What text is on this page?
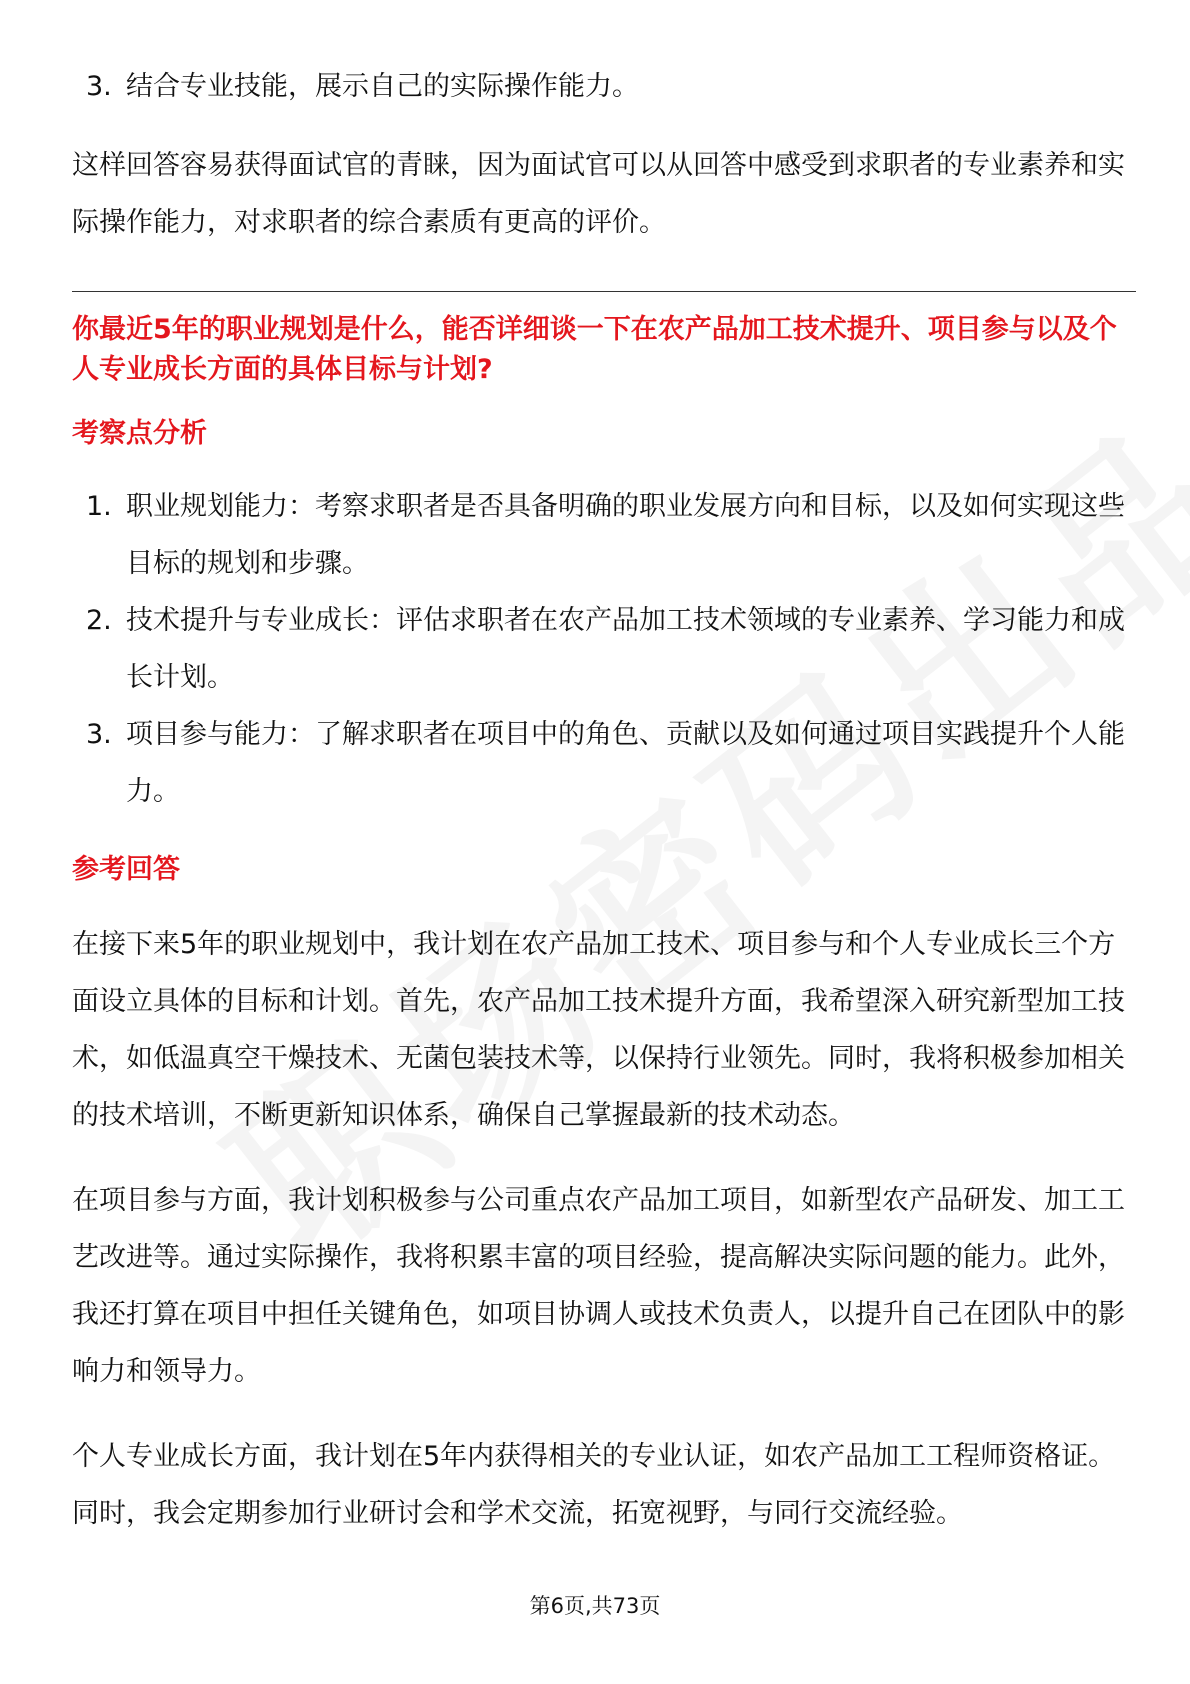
3. 结合专业技能，展示自己的实际操作能力。

这样回答容易获得面试官的青睐，因为面试官可以从回答中感受到求职者的专业素养和实际操作能力，对求职者的综合素质有更高的评价。

你最近5年的职业规划是什么，能否详细谈一下在农产品加工技术提升、项目参与以及个人专业成长方面的具体目标与计划?

考察点分析

1. 职业规划能力：考察求职者是否具备明确的职业发展方向和目标，以及如何实现这些目标的规划和步骤。
2. 技术提升与专业成长：评估求职者在农产品加工技术领域的专业素养、学习能力和成长计划。
3. 项目参与能力：了解求职者在项目中的角色、贡献以及如何通过项目实践提升个人能力。

参考回答

在接下来5年的职业规划中，我计划在农产品加工技术、项目参与和个人专业成长三个方面设立具体的目标和计划。首先，农产品加工技术提升方面，我希望深入研究新型加工技术，如低温真空干燥技术、无菌包装技术等，以保持行业领先。同时，我将积极参加相关的技术培训，不断更新知识体系，确保自己掌握最新的技术动态。

在项目参与方面，我计划积极参与公司重点农产品加工项目，如新型农产品研发、加工工艺改进等。通过实际操作，我将积累丰富的项目经验，提高解决实际问题的能力。此外，我还打算在项目中担任关键角色，如项目协调人或技术负责人，以提升自己在团队中的影响力和领导力。

个人专业成长方面，我计划在5年内获得相关的专业认证，如农产品加工工程师资格证。同时，我会定期参加行业研讨会和学术交流，拓宽视野，与同行交流经验。

第6页,共73页
